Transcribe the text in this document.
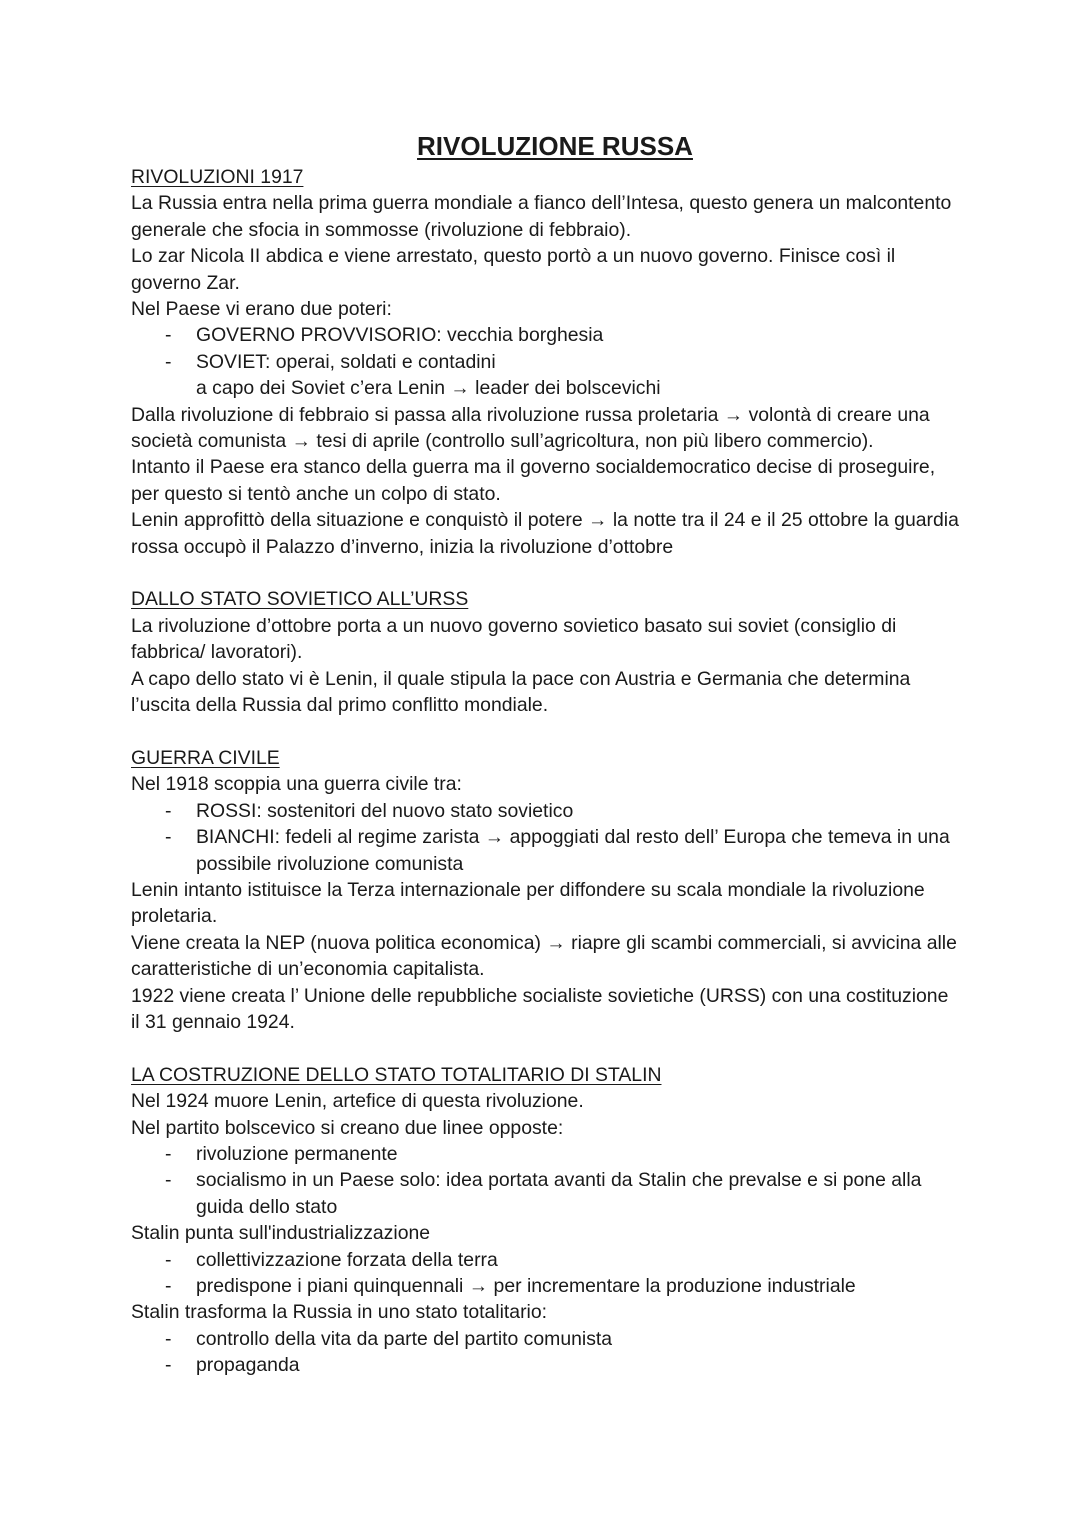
RIVOLUZIONE RUSSA
RIVOLUZIONI 1917

La Russia entra nella prima guerra mondiale a fianco dell’Intesa, questo genera un malcontento generale che sfocia in sommosse (rivoluzione di febbraio).

Lo zar Nicola II abdica e viene arrestato, questo portò a un nuovo governo. Finisce così il governo Zar.

Nel Paese vi erano due poteri:

- GOVERNO PROVVISORIO: vecchia borghesia
- SOVIET: operai, soldati e contadini

a capo dei Soviet c’era Lenin → leader dei bolscevichi

Dalla rivoluzione di febbraio si passa alla rivoluzione russa proletaria → volontà di creare una società comunista → tesi di aprile (controllo sull’agricoltura, non più libero commercio).

Intanto il Paese era stanco della guerra ma il governo socialdemocratico decise di proseguire, per questo si tentò anche un colpo di stato.

Lenin approfittò della situazione e conquistò il potere → la notte tra il 24 e il 25 ottobre la guardia rossa occupò il Palazzo d’inverno, inizia la rivoluzione d’ottobre

DALLO STATO SOVIETICO ALL’URSS

La rivoluzione d’ottobre porta a un nuovo governo sovietico basato sui soviet (consiglio di fabbrica/ lavoratori).

A capo dello stato vi è Lenin, il quale stipula la pace con Austria e Germania che determina l’uscita della Russia dal primo conflitto mondiale.

GUERRA CIVILE

Nel 1918 scoppia una guerra civile tra:

- ROSSI: sostenitori del nuovo stato sovietico
- BIANCHI: fedeli al regime zarista → appoggiati dal resto dell’ Europa che temeva in una possibile rivoluzione comunista

Lenin intanto istituisce la Terza internazionale per diffondere su scala mondiale la rivoluzione proletaria.

Viene creata la NEP (nuova politica economica) → riapre gli scambi commerciali, si avvicina alle caratteristiche di un’economia capitalista.

1922 viene creata l’ Unione delle repubbliche socialiste sovietiche (URSS) con una costituzione il 31 gennaio 1924.

LA COSTRUZIONE DELLO STATO TOTALITARIO DI STALIN

Nel 1924 muore Lenin, artefice di questa rivoluzione.

Nel partito bolscevico si creano due linee opposte:

- rivoluzione permanente
- socialismo in un Paese solo: idea portata avanti da Stalin che prevalse e si pone alla guida dello stato

Stalin punta sull'industrializzazione

- collettivizzazione forzata della terra
- predispone i piani quinquennali → per incrementare la produzione industriale

Stalin trasforma la Russia in uno stato totalitario:

- controllo della vita da parte del partito comunista
- propaganda
